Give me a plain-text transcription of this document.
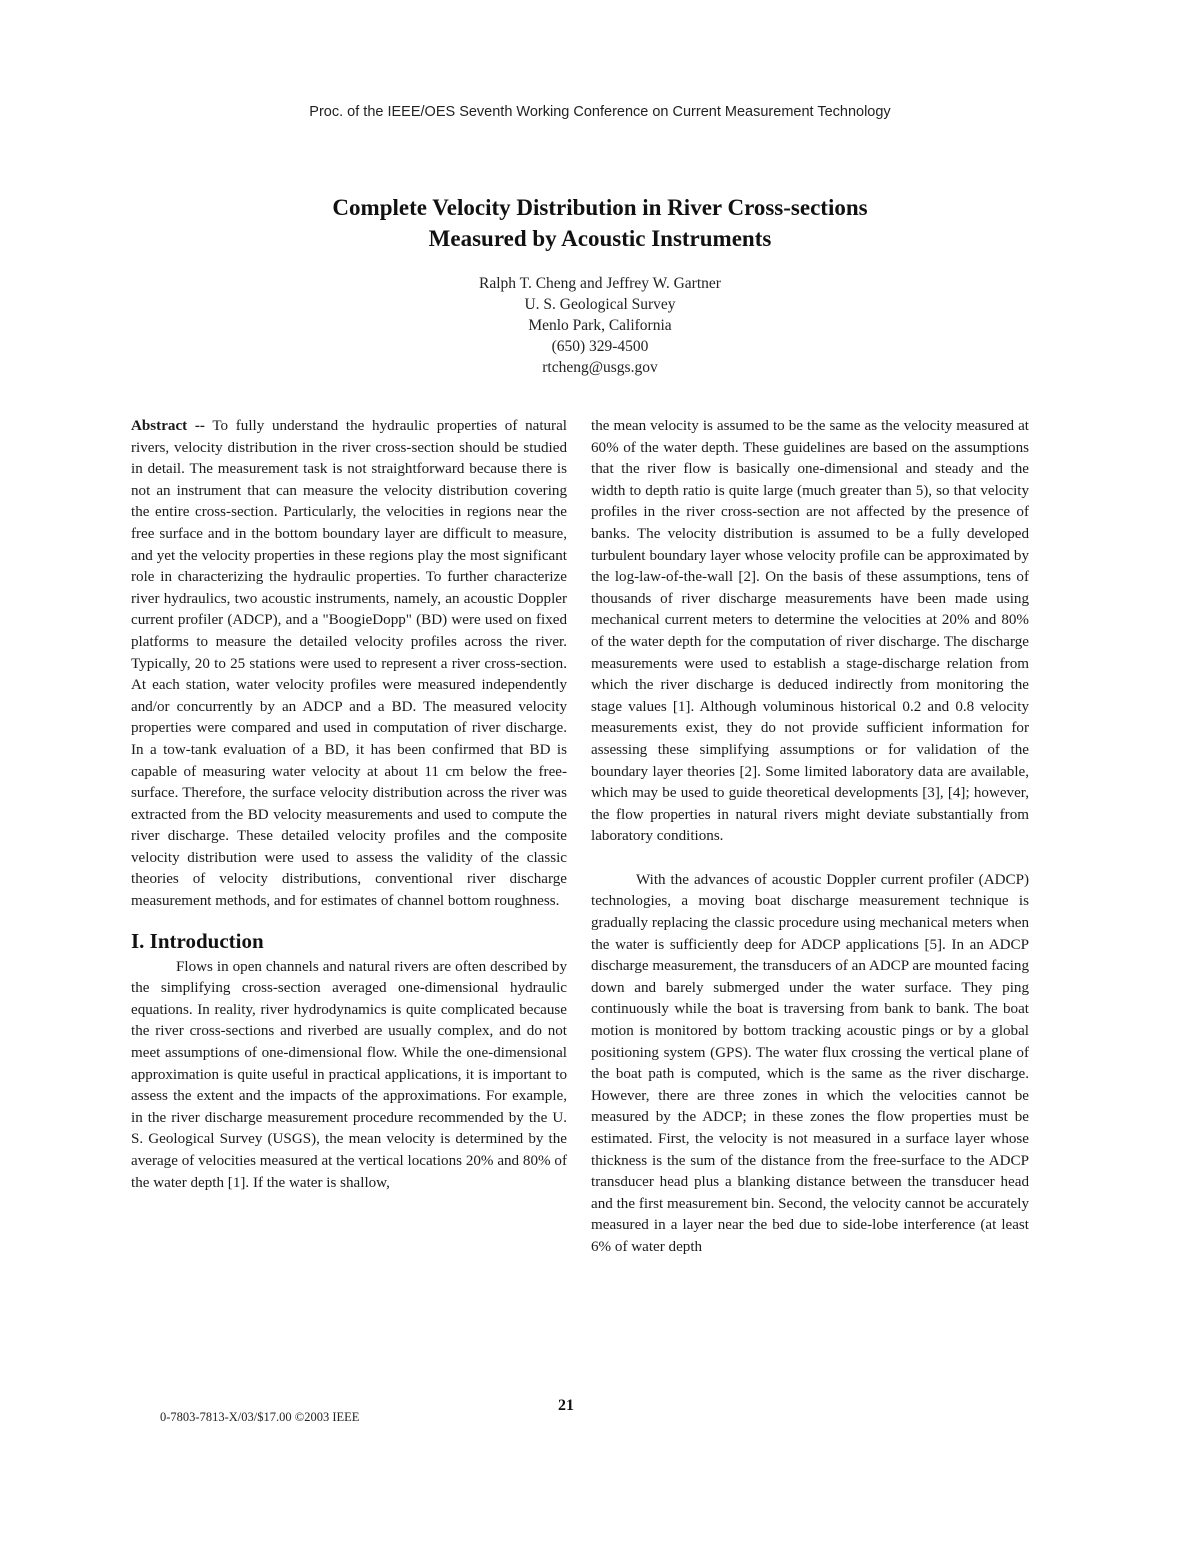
Proc. of the IEEE/OES Seventh Working Conference on Current Measurement Technology
Complete Velocity Distribution in River Cross-sections
Measured by Acoustic Instruments
Ralph T. Cheng and Jeffrey W. Gartner
U. S. Geological Survey
Menlo Park, California
(650) 329-4500
rtcheng@usgs.gov

Abstract -- To fully understand the hydraulic properties of natural rivers, velocity distribution in the river cross-section should be studied in detail. The measurement task is not straightforward because there is not an instrument that can measure the velocity distribution covering the entire cross-section. Particularly, the velocities in regions near the free surface and in the bottom boundary layer are difficult to measure, and yet the velocity properties in these regions play the most significant role in characterizing the hydraulic properties. To further characterize river hydraulics, two acoustic instruments, namely, an acoustic Doppler current profiler (ADCP), and a "BoogieDopp" (BD) were used on fixed platforms to measure the detailed velocity profiles across the river. Typically, 20 to 25 stations were used to represent a river cross-section. At each station, water velocity profiles were measured independently and/or concurrently by an ADCP and a BD. The measured velocity properties were compared and used in computation of river discharge. In a tow-tank evaluation of a BD, it has been confirmed that BD is capable of measuring water velocity at about 11 cm below the free-surface. Therefore, the surface velocity distribution across the river was extracted from the BD velocity measurements and used to compute the river discharge. These detailed velocity profiles and the composite velocity distribution were used to assess the validity of the classic theories of velocity distributions, conventional river discharge measurement methods, and for estimates of channel bottom roughness.

I. Introduction

Flows in open channels and natural rivers are often described by the simplifying cross-section averaged one-dimensional hydraulic equations. In reality, river hydrodynamics is quite complicated because the river cross-sections and riverbed are usually complex, and do not meet assumptions of one-dimensional flow. While the one-dimensional approximation is quite useful in practical applications, it is important to assess the extent and the impacts of the approximations. For example, in the river discharge measurement procedure recommended by the U. S. Geological Survey (USGS), the mean velocity is determined by the average of velocities measured at the vertical locations 20% and 80% of the water depth [1]. If the water is shallow,

the mean velocity is assumed to be the same as the velocity measured at 60% of the water depth. These guidelines are based on the assumptions that the river flow is basically one-dimensional and steady and the width to depth ratio is quite large (much greater than 5), so that velocity profiles in the river cross-section are not affected by the presence of banks. The velocity distribution is assumed to be a fully developed turbulent boundary layer whose velocity profile can be approximated by the log-law-of-the-wall [2]. On the basis of these assumptions, tens of thousands of river discharge measurements have been made using mechanical current meters to determine the velocities at 20% and 80% of the water depth for the computation of river discharge. The discharge measurements were used to establish a stage-discharge relation from which the river discharge is deduced indirectly from monitoring the stage values [1]. Although voluminous historical 0.2 and 0.8 velocity measurements exist, they do not provide sufficient information for assessing these simplifying assumptions or for validation of the boundary layer theories [2]. Some limited laboratory data are available, which may be used to guide theoretical developments [3], [4]; however, the flow properties in natural rivers might deviate substantially from laboratory conditions.

With the advances of acoustic Doppler current profiler (ADCP) technologies, a moving boat discharge measurement technique is gradually replacing the classic procedure using mechanical meters when the water is sufficiently deep for ADCP applications [5]. In an ADCP discharge measurement, the transducers of an ADCP are mounted facing down and barely submerged under the water surface. They ping continuously while the boat is traversing from bank to bank. The boat motion is monitored by bottom tracking acoustic pings or by a global positioning system (GPS). The water flux crossing the vertical plane of the boat path is computed, which is the same as the river discharge. However, there are three zones in which the velocities cannot be measured by the ADCP; in these zones the flow properties must be estimated. First, the velocity is not measured in a surface layer whose thickness is the sum of the distance from the free-surface to the ADCP transducer head plus a blanking distance between the transducer head and the first measurement bin. Second, the velocity cannot be accurately measured in a layer near the bed due to side-lobe interference (at least 6% of water depth

0-7803-7813-X/03/$17.00 ©2003 IEEE
21
